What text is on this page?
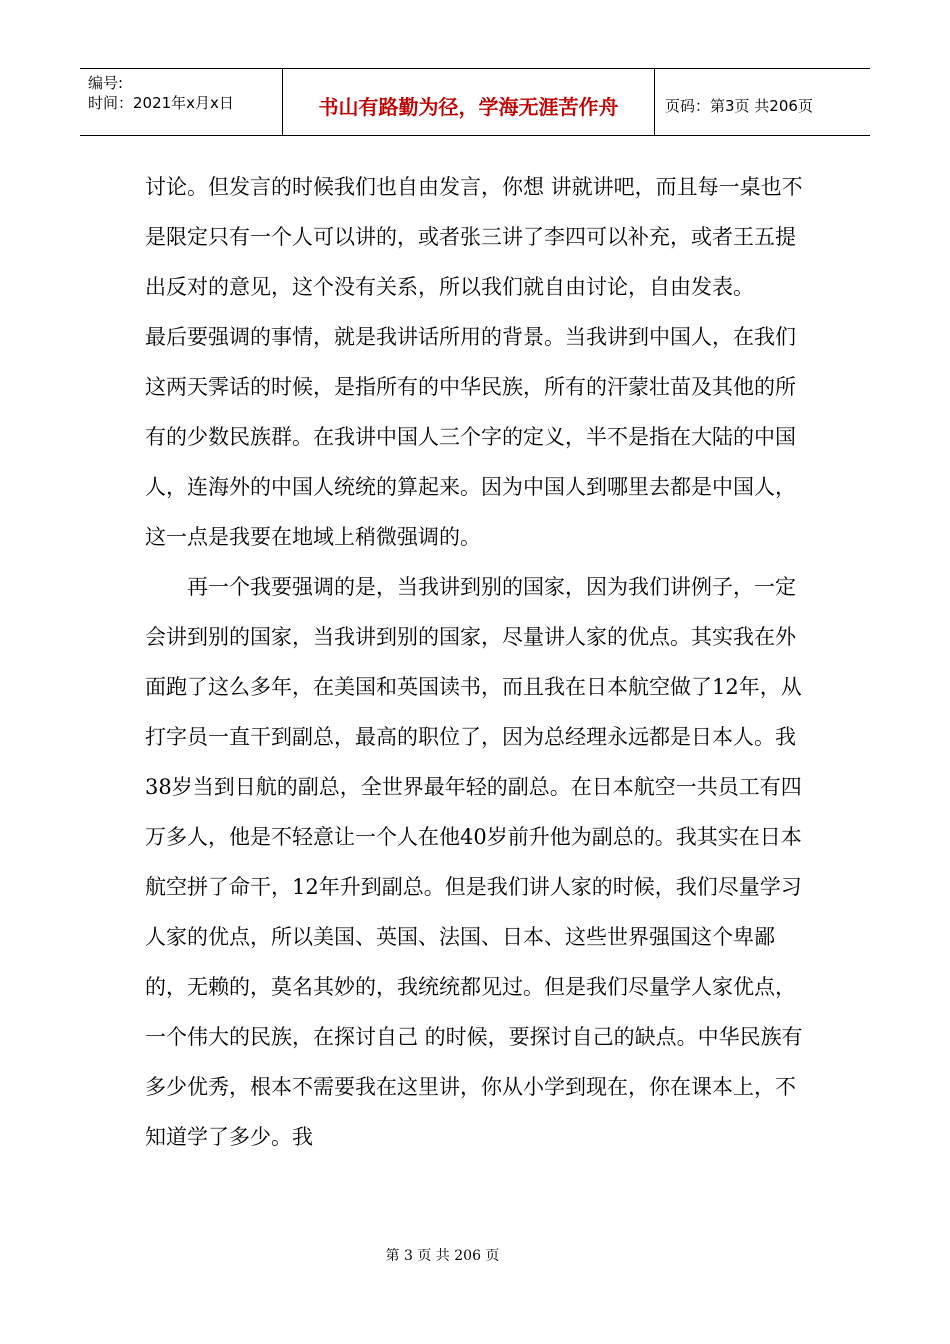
编号:
时间：2021年x月x日	书山有路勤为径，学海无涯苦作舟	页码：第3页 共206页

讨论。但发言的时候我们也自由发言，你想 讲就讲吧，而且每一桌也不是限定只有一个人可以讲的，或者张三讲了李四可以补充，或者王五提出反对的意见，这个没有关系，所以我们就自由讨论，自由发表。

最后要强调的事情，就是我讲话所用的背景。当我讲到中国人，在我们这两天霁话的时候，是指所有的中华民族，所有的汗蒙壮苗及其他的所有的少数民族群。在我讲中国人三个字的定义，半不是指在大陆的中国人，连海外的中国人统统的算起来。因为中国人到哪里去都是中国人，这一点是我要在地域上稍微强调的。

再一个我要强调的是，当我讲到别的国家，因为我们讲例子，一定会讲到别的国家，当我讲到别的国家，尽量讲人家的优点。其实我在外面跑了这么多年，在美国和英国读书，而且我在日本航空做了12年，从打字员一直干到副总，最高的职位了，因为总经理永远都是日本人。我38岁当到日航的副总，全世界最年轻的副总。在日本航空一共员工有四万多人，他是不轻意让一个人在他40岁前升他为副总的。我其实在日本航空拼了命干，12年升到副总。但是我们讲人家的时候，我们尽量学习人家的优点，所以美国、英国、法国、日本、这些世界强国这个卑鄙的，无赖的，莫名其妙的，我统统都见过。但是我们尽量学人家优点，一个伟大的民族，在探讨自己 的时候，要探讨自己的缺点。中华民族有多少优秀，根本不需要我在这里讲，你从小学到现在，你在课本上，不知道学了多少。我

第 3 页 共 206 页
